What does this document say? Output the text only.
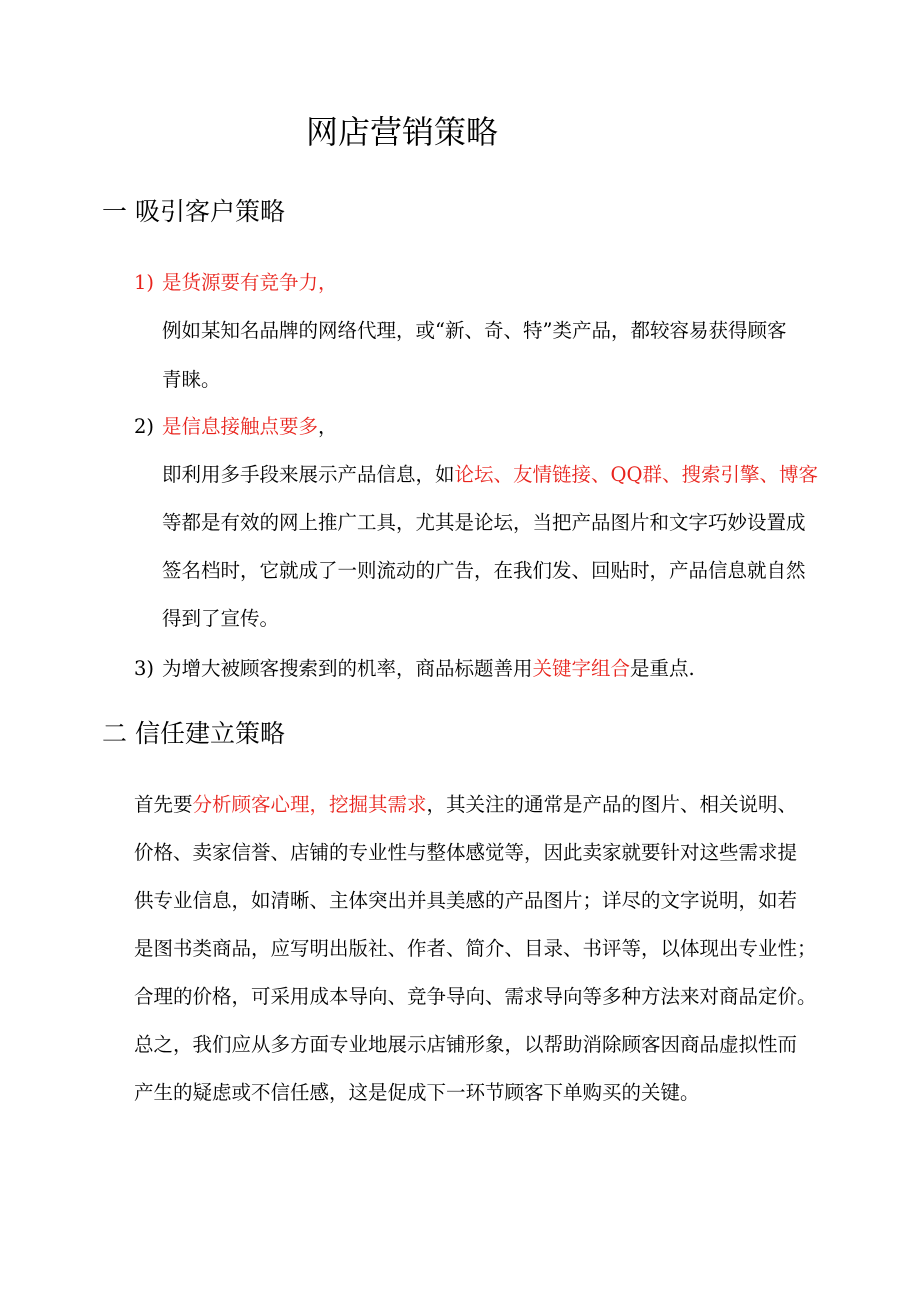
网店营销策略
一 吸引客户策略
1) 是货源要有竞争力，
例如某知名品牌的网络代理，或“新、奇、特”类产品，都较容易获得顾客
青睐。
2) 是信息接触点要多，
即利用多手段来展示产品信息，如论坛、友情链接、QQ群、搜索引擎、博客
等都是有效的网上推广工具，尤其是论坛，当把产品图片和文字巧妙设置成
签名档时，它就成了一则流动的广告，在我们发、回贴时，产品信息就自然
得到了宣传。
3) 为增大被顾客搜索到的机率，商品标题善用关键字组合是重点.
二 信任建立策略
首先要分析顾客心理，挖掘其需求，其关注的通常是产品的图片、相关说明、
价格、卖家信誉、店铺的专业性与整体感觉等，因此卖家就要针对这些需求提
供专业信息，如清晰、主体突出并具美感的产品图片；详尽的文字说明，如若
是图书类商品，应写明出版社、作者、简介、目录、书评等，以体现出专业性；
合理的价格，可采用成本导向、竞争导向、需求导向等多种方法来对商品定价。
总之，我们应从多方面专业地展示店铺形象，以帮助消除顾客因商品虚拟性而
产生的疑虑或不信任感，这是促成下一环节顾客下单购买的关键。
